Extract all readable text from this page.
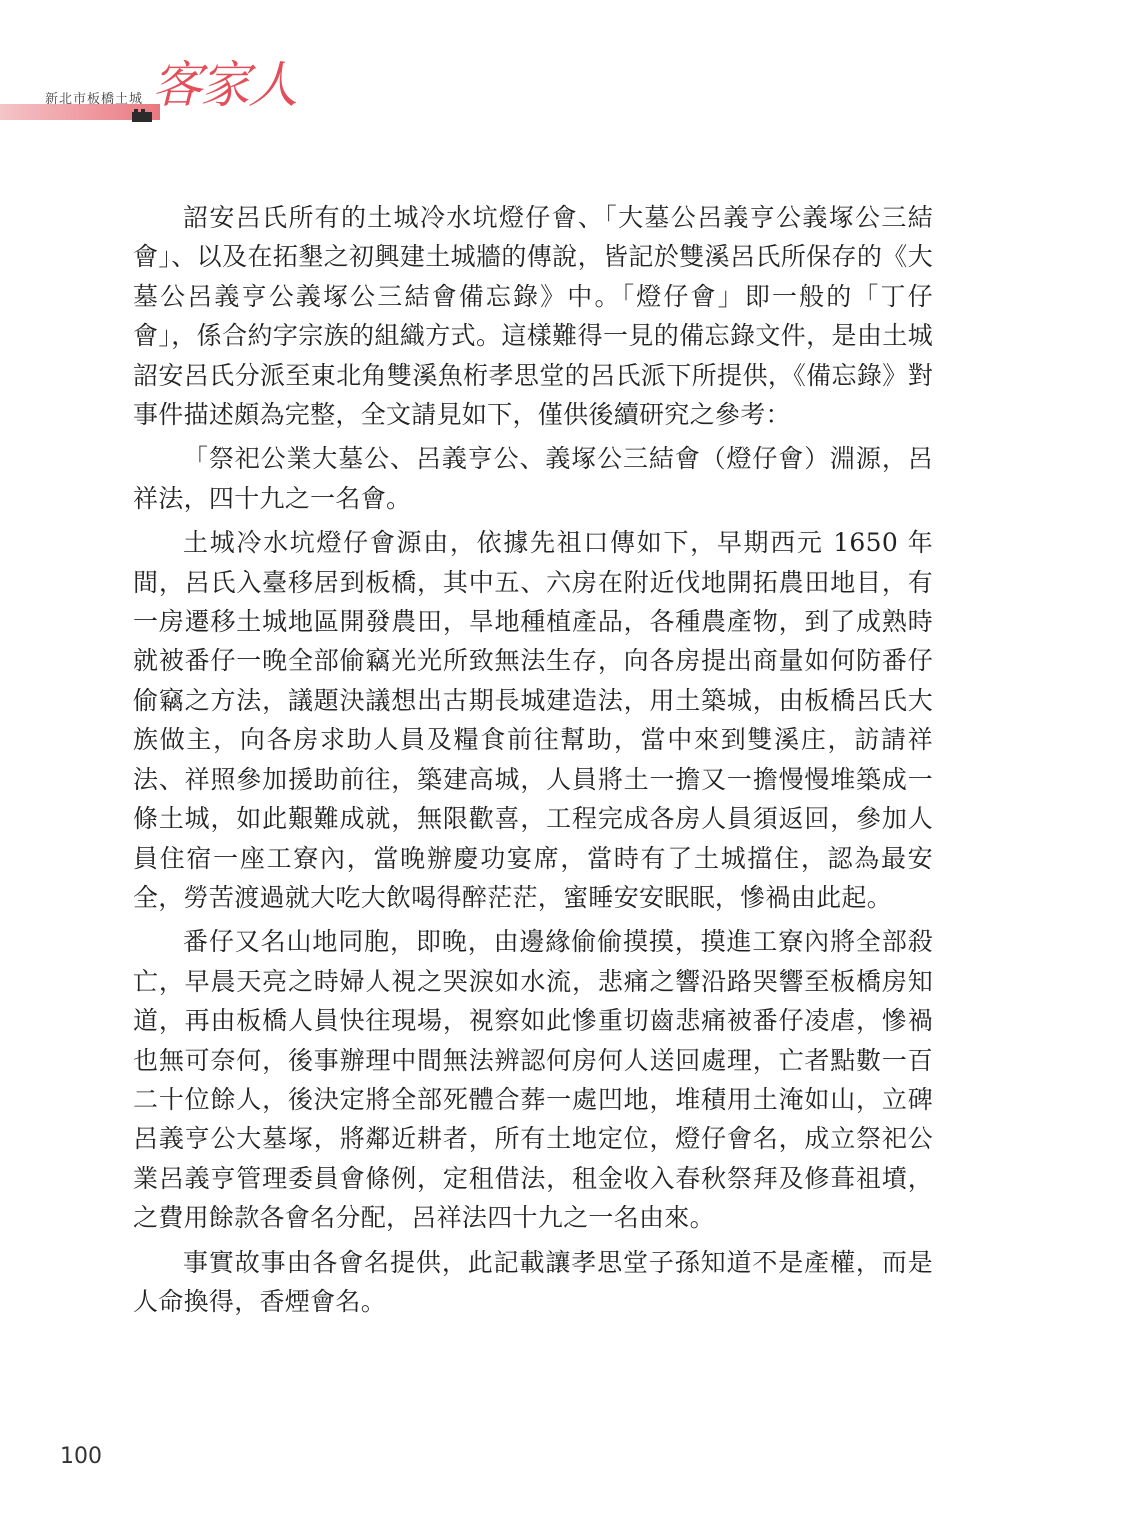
新北市板橋土城 客家人

詔安呂氏所有的土城冷水坑燈仔會、「大墓公呂義亨公義塚公三結會」、以及在拓墾之初興建土城牆的傳說，皆記於雙溪呂氏所保存的《大墓公呂義亨公義塚公三結會備忘錄》中。「燈仔會」即一般的「丁仔會」，係合約字宗族的組織方式。這樣難得一見的備忘錄文件，是由土城詔安呂氏分派至東北角雙溪魚桁孝思堂的呂氏派下所提供，《備忘錄》對事件描述頗為完整，全文請見如下，僅供後續研究之參考：

「祭祀公業大墓公、呂義亨公、義塚公三結會（燈仔會）淵源，呂祥法，四十九之一名會。

土城冷水坑燈仔會源由，依據先祖口傳如下，早期西元 1650 年間，呂氏入臺移居到板橋，其中五、六房在附近伐地開拓農田地目，有一房遷移土城地區開發農田，旱地種植產品，各種農產物，到了成熟時就被番仔一晚全部偷竊光光所致無法生存，向各房提出商量如何防番仔偷竊之方法，議題決議想出古期長城建造法，用土築城，由板橋呂氏大族做主，向各房求助人員及糧食前往幫助，當中來到雙溪庄，訪請祥法、祥照參加援助前往，築建高城，人員將土一擔又一擔慢慢堆築成一條土城，如此艱難成就，無限歡喜，工程完成各房人員須返回，參加人員住宿一座工寮內，當晚辦慶功宴席，當時有了土城擋住，認為最安全，勞苦渡過就大吃大飲喝得醉茫茫，蜜睡安安眠眠，慘禍由此起。

番仔又名山地同胞，即晚，由邊緣偷偷摸摸，摸進工寮內將全部殺亡，早晨天亮之時婦人視之哭淚如水流，悲痛之響沿路哭響至板橋房知道，再由板橋人員快往現場，視察如此慘重切齒悲痛被番仔凌虐，慘禍也無可奈何，後事辦理中間無法辨認何房何人送回處理，亡者點數一百二十位餘人，後決定將全部死體合葬一處凹地，堆積用土淹如山，立碑呂義亨公大墓塚，將鄰近耕者，所有土地定位，燈仔會名，成立祭祀公業呂義亨管理委員會條例，定租借法，租金收入春秋祭拜及修葺祖墳，之費用餘款各會名分配，呂祥法四十九之一名由來。

事實故事由各會名提供，此記載讓孝思堂子孫知道不是產權，而是人命換得，香煙會名。

100
